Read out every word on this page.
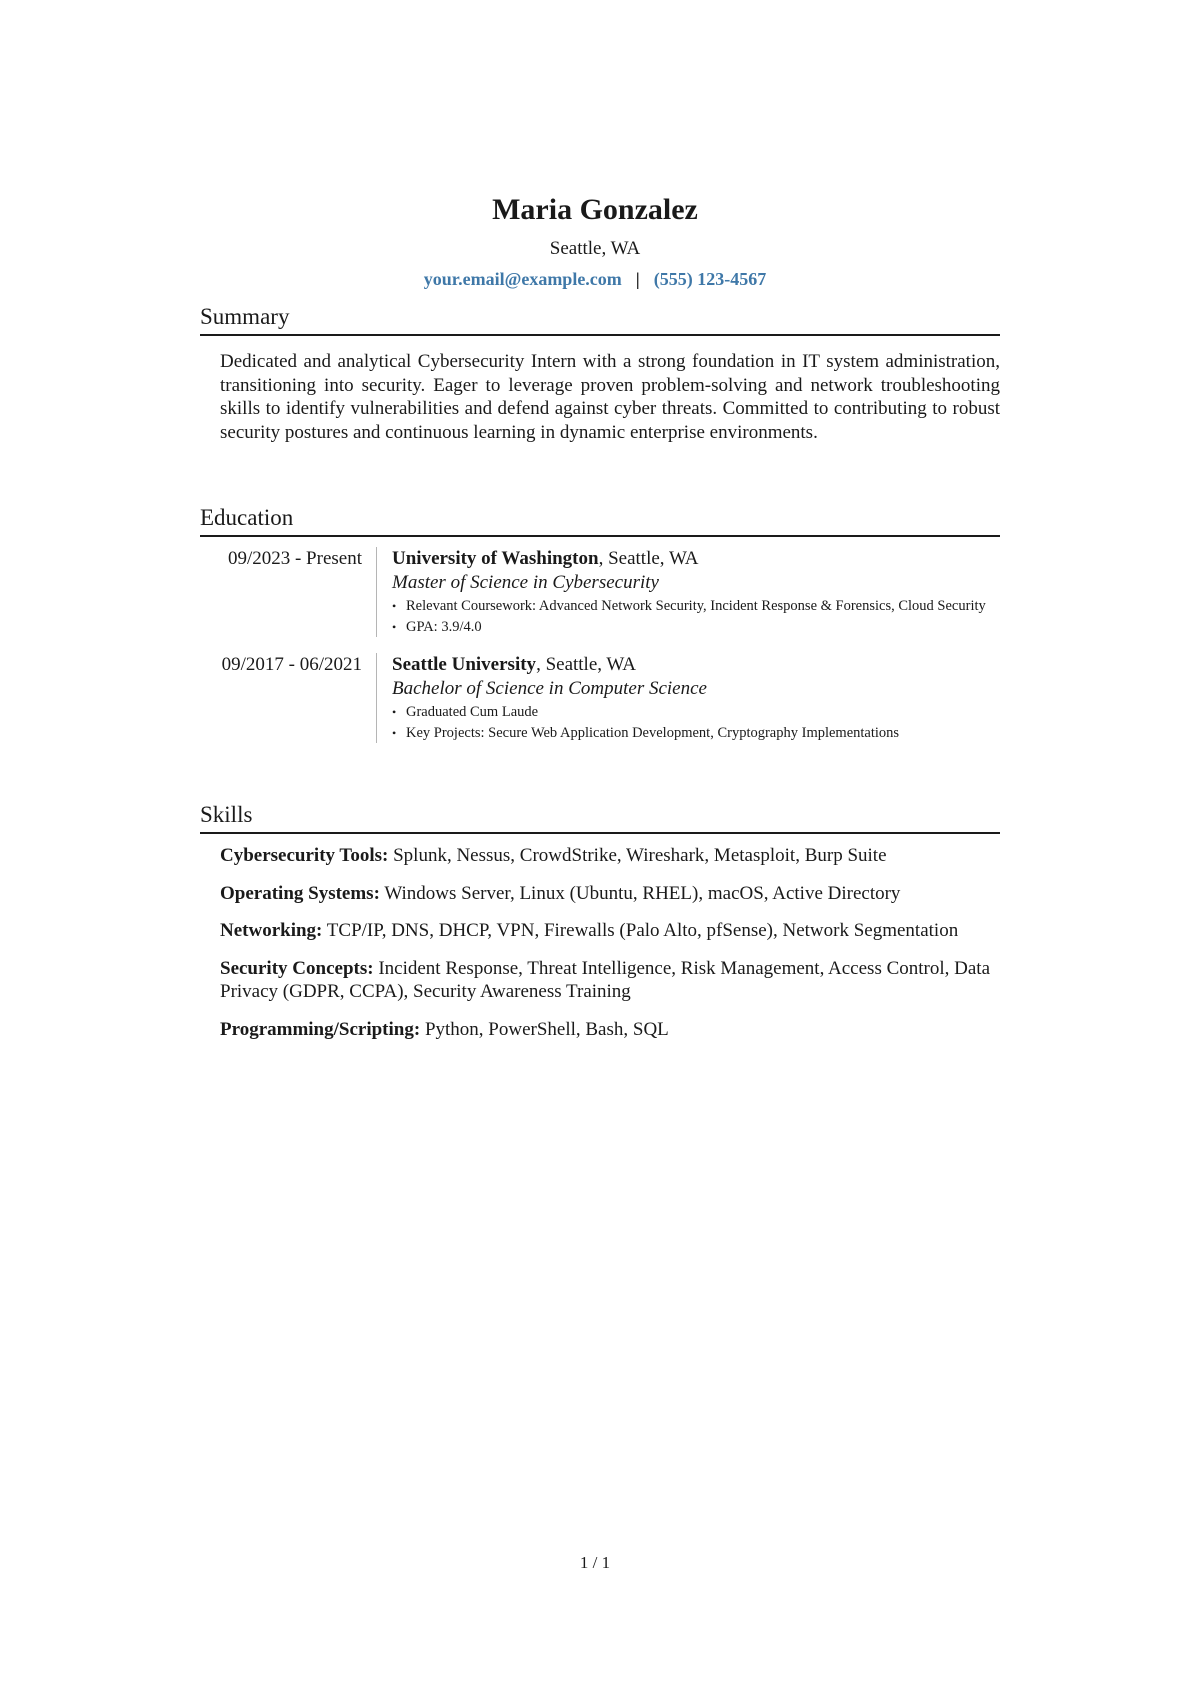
Maria Gonzalez
Seattle, WA
your.email@example.com | (555) 123-4567
Summary
Dedicated and analytical Cybersecurity Intern with a strong foundation in IT system administration, transitioning into security. Eager to leverage proven problem-solving and network troubleshooting skills to identify vulnerabilities and defend against cyber threats. Committed to contributing to robust security postures and continuous learning in dynamic enterprise environments.
Education
09/2023 - Present	University of Washington, Seattle, WA
Master of Science in Cybersecurity
• Relevant Coursework: Advanced Network Security, Incident Response & Forensics, Cloud Security
• GPA: 3.9/4.0
09/2017 - 06/2021	Seattle University, Seattle, WA
Bachelor of Science in Computer Science
• Graduated Cum Laude
• Key Projects: Secure Web Application Development, Cryptography Implementations
Skills
Cybersecurity Tools: Splunk, Nessus, CrowdStrike, Wireshark, Metasploit, Burp Suite
Operating Systems: Windows Server, Linux (Ubuntu, RHEL), macOS, Active Directory
Networking: TCP/IP, DNS, DHCP, VPN, Firewalls (Palo Alto, pfSense), Network Segmentation
Security Concepts: Incident Response, Threat Intelligence, Risk Management, Access Control, Data Privacy (GDPR, CCPA), Security Awareness Training
Programming/Scripting: Python, PowerShell, Bash, SQL
1 / 1
